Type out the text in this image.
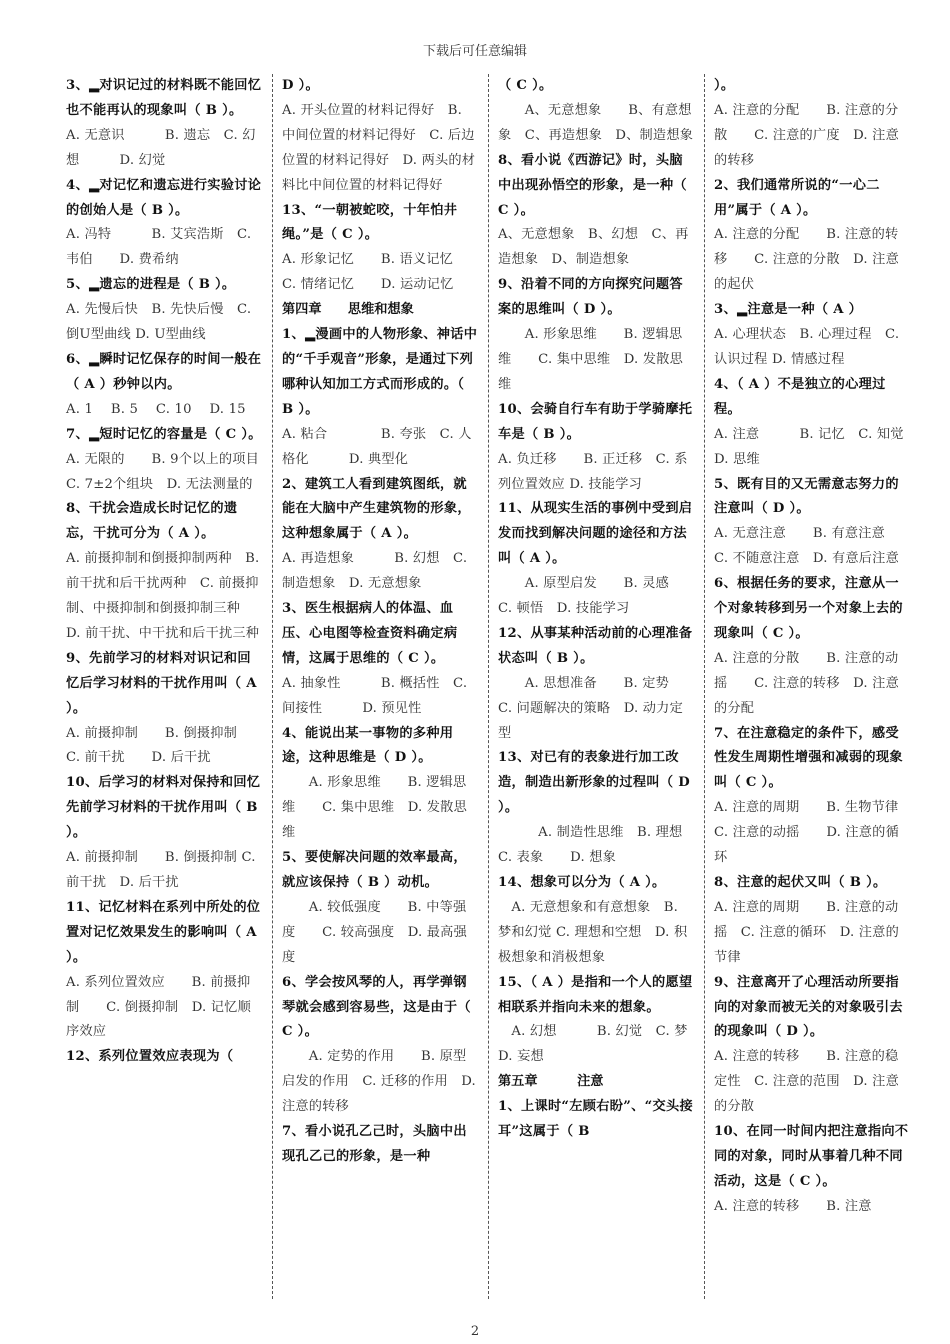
下载后可任意编辑
3、▂对识记过的材料既不能回忆也不能再认的现象叫（ B ）。
A. 无意识　　　B. 遗忘　C. 幻想　　　D. 幻觉
4、▂对记忆和遗忘进行实验讨论的创始人是（ B ）。
A. 冯特　　　B. 艾宾浩斯　C. 韦伯　　D. 费希纳
5、▂遗忘的进程是（ B ）。
A. 先慢后快　B. 先快后慢　C. 倒U型曲线 D. U型曲线
6、▂瞬时记忆保存的时间一般在（ A ）秒钟以内。
A. 1　 B. 5　 C. 10　 D. 15
7、▂短时记忆的容量是（ C ）。
A. 无限的　　B. 9个以上的项目　　C. 7±2个组块　D. 无法测量的
8、干扰会造成长时记忆的遗忘，干扰可分为（ A ）。
A. 前摄抑制和倒摄抑制两种　B. 前干扰和后干扰两种　C. 前摄抑制、中摄抑制和倒摄抑制三种　　D. 前干扰、中干扰和后干扰三种
9、先前学习的材料对识记和回忆后学习材料的干扰作用叫（ A ）。
A. 前摄抑制　　B. 倒摄抑制　C. 前干扰　　D. 后干扰
10、后学习的材料对保持和回忆先前学习材料的干扰作用叫（ B ）。
A. 前摄抑制　　B. 倒摄抑制 C. 前干扰　D. 后干扰
11、记忆材料在系列中所处的位置对记忆效果发生的影响叫（ A ）。
A. 系列位置效应　　B. 前摄抑制　　C. 倒摄抑制　D. 记忆顺序效应
12、系列位置效应表现为（
D ）。
A. 开头位置的材料记得好　B. 中间位置的材料记得好　C. 后边位置的材料记得好　D. 两头的材料比中间位置的材料记得好
13、“一朝被蛇咬，十年怕井绳。”是（ C ）。
A. 形象记忆　　B. 语义记忆　C. 情绪记忆　　D. 运动记忆
第四章　　思维和想象
1、▂漫画中的人物形象、神话中的“千手观音”形象，是通过下列哪种认知加工方式而形成的。（ B ）。
A. 粘合　　　　B. 夸张　C. 人格化　　　D. 典型化
2、建筑工人看到建筑图纸，就能在大脑中产生建筑物的形象，这种想象属于（ A ）。
A. 再造想象　　　B. 幻想　C. 制造想象　D. 无意想象
3、医生根据病人的体温、血压、心电图等检查资料确定病情，这属于思维的（ C ）。
A. 抽象性　　　B. 概括性　C. 间接性　　　D. 预见性
4、能说出某一事物的多种用途，这种思维是（ D ）。
　　A. 形象思维　　B. 逻辑思维　　C. 集中思维　D. 发散思维
5、要使解决问题的效率最高，就应该保持（ B ）动机。
　　A. 较低强度　　B. 中等强度　　C. 较高强度　D. 最高强度
6、学会按风琴的人，再学弹钢琴就会感到容易些，这是由于（ C ）。
　　A. 定势的作用　　B. 原型启发的作用　C. 迁移的作用　D. 注意的转移
7、看小说孔乙己时，头脑中出现孔乙己的形象，是一种
（ C ）。
　　A、无意想象　　B、有意想象　C、再造想象　D、制造想象
8、看小说《西游记》时，头脑中出现孙悟空的形象，是一种（ C ）。
A、无意想象　B、幻想　C、再造想象　D、制造想象
9、沿着不同的方向探究问题答案的思维叫（ D ）。
　　A. 形象思维　　B. 逻辑思维　　C. 集中思维　D. 发散思维
10、会骑自行车有助于学骑摩托车是（ B ）。
A. 负迁移　　B. 正迁移　C. 系列位置效应 D. 技能学习
11、从现实生活的事例中受到启发而找到解决问题的途径和方法叫（ A ）。
　　A. 原型启发　　B. 灵感　C. 顿悟　D. 技能学习
12、从事某种活动前的心理准备状态叫（ B ）。
　　A. 思想准备　　B. 定势　C. 问题解决的策略　D. 动力定型
13、对已有的表象进行加工改造，制造出新形象的过程叫（ D ）。
　　　A. 制造性思维　B. 理想　C. 表象　　D. 想象
14、想象可以分为（ A ）。
　A. 无意想象和有意想象　B. 梦和幻觉 C. 理想和空想　D. 积极想象和消极想象
15、（ A ）是指和一个人的愿望相联系并指向未来的想象。
　A. 幻想　　　B. 幻觉　C. 梦　　D. 妄想
第五章　　　注意
1、上课时“左顾右盼”、“交头接耳”这属于（ B
）。
A. 注意的分配　　B. 注意的分散　　C. 注意的广度　D. 注意的转移
2、我们通常所说的“一心二用”属于（ A ）。
A. 注意的分配　　B. 注意的转移　　C. 注意的分散　D. 注意的起伏
3、▂注意是一种（ A ）
A. 心理状态　B. 心理过程　C. 认识过程 D. 情感过程
4、（ A ）不是独立的心理过程。
A. 注意　　　B. 记忆　C. 知觉　　D. 思维
5、既有目的又无需意志努力的注意叫（ D ）。
A. 无意注意　　B. 有意注意　C. 不随意注意　D. 有意后注意
6、根据任务的要求，注意从一个对象转移到另一个对象上去的现象叫（ C ）。
A. 注意的分散　　B. 注意的动摇　　C. 注意的转移　D. 注意的分配
7、在注意稳定的条件下，感受性发生周期性增强和减弱的现象叫（ C ）。
A. 注意的周期　　B. 生物节律　C. 注意的动摇　　D. 注意的循环
8、注意的起伏又叫（ B ）。
A. 注意的周期　　B. 注意的动摇　C. 注意的循环　D. 注意的节律
9、注意离开了心理活动所要指向的对象而被无关的对象吸引去的现象叫（ D ）。
A. 注意的转移　　B. 注意的稳定性　C. 注意的范围　D. 注意的分散
10、在同一时间内把注意指向不同的对象，同时从事着几种不同活动，这是（ C ）。
A. 注意的转移　　B. 注意
2
